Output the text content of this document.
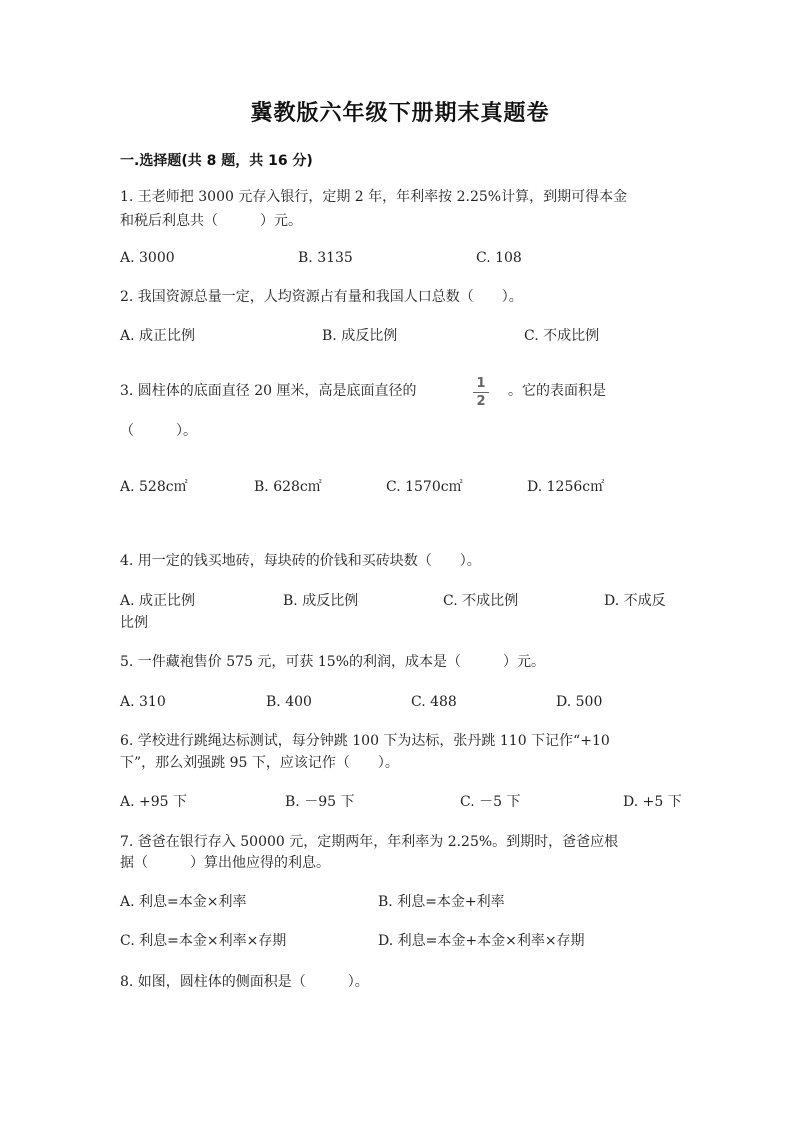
冀教版六年级下册期末真题卷
一.选择题(共 8 题，共 16 分)
1. 王老师把 3000 元存入银行，定期 2 年，年利率按 2.25%计算，到期可得本金
和税后利息共（　　　）元。
A. 3000	B. 3135	C. 108
2. 我国资源总量一定，人均资源占有量和我国人口总数（　　）。
A. 成正比例	B. 成反比例	C. 不成比例
3. 圆柱体的底面直径 20 厘米，高是底面直径的	1
2
。它的表面积是
（　　　）。
A. 528c㎡	B. 628c㎡	C. 1570c㎡	D. 1256c㎡
4. 用一定的钱买地砖，每块砖的价钱和买砖块数（　　）。
A. 成正比例	B. 成反比例	C. 不成比例	D. 不成反
比例
5. 一件藏袍售价 575 元，可获 15%的利润，成本是（　　　）元。
A. 310	B. 400	C. 488	D. 500
6. 学校进行跳绳达标测试，每分钟跳 100 下为达标，张丹跳 110 下记作“+10
下”，那么刘强跳 95 下，应该记作（　　）。
A. +95 下	B. －95 下	C. －5 下	D. +5 下
7. 爸爸在银行存入 50000 元，定期两年，年利率为 2.25%。到期时，爸爸应根
据（　　　）算出他应得的利息。
A. 利息=本金×利率	B. 利息=本金+利率
C. 利息=本金×利率×存期	D. 利息=本金+本金×利率×存期
8. 如图，圆柱体的侧面积是（　　　）。
